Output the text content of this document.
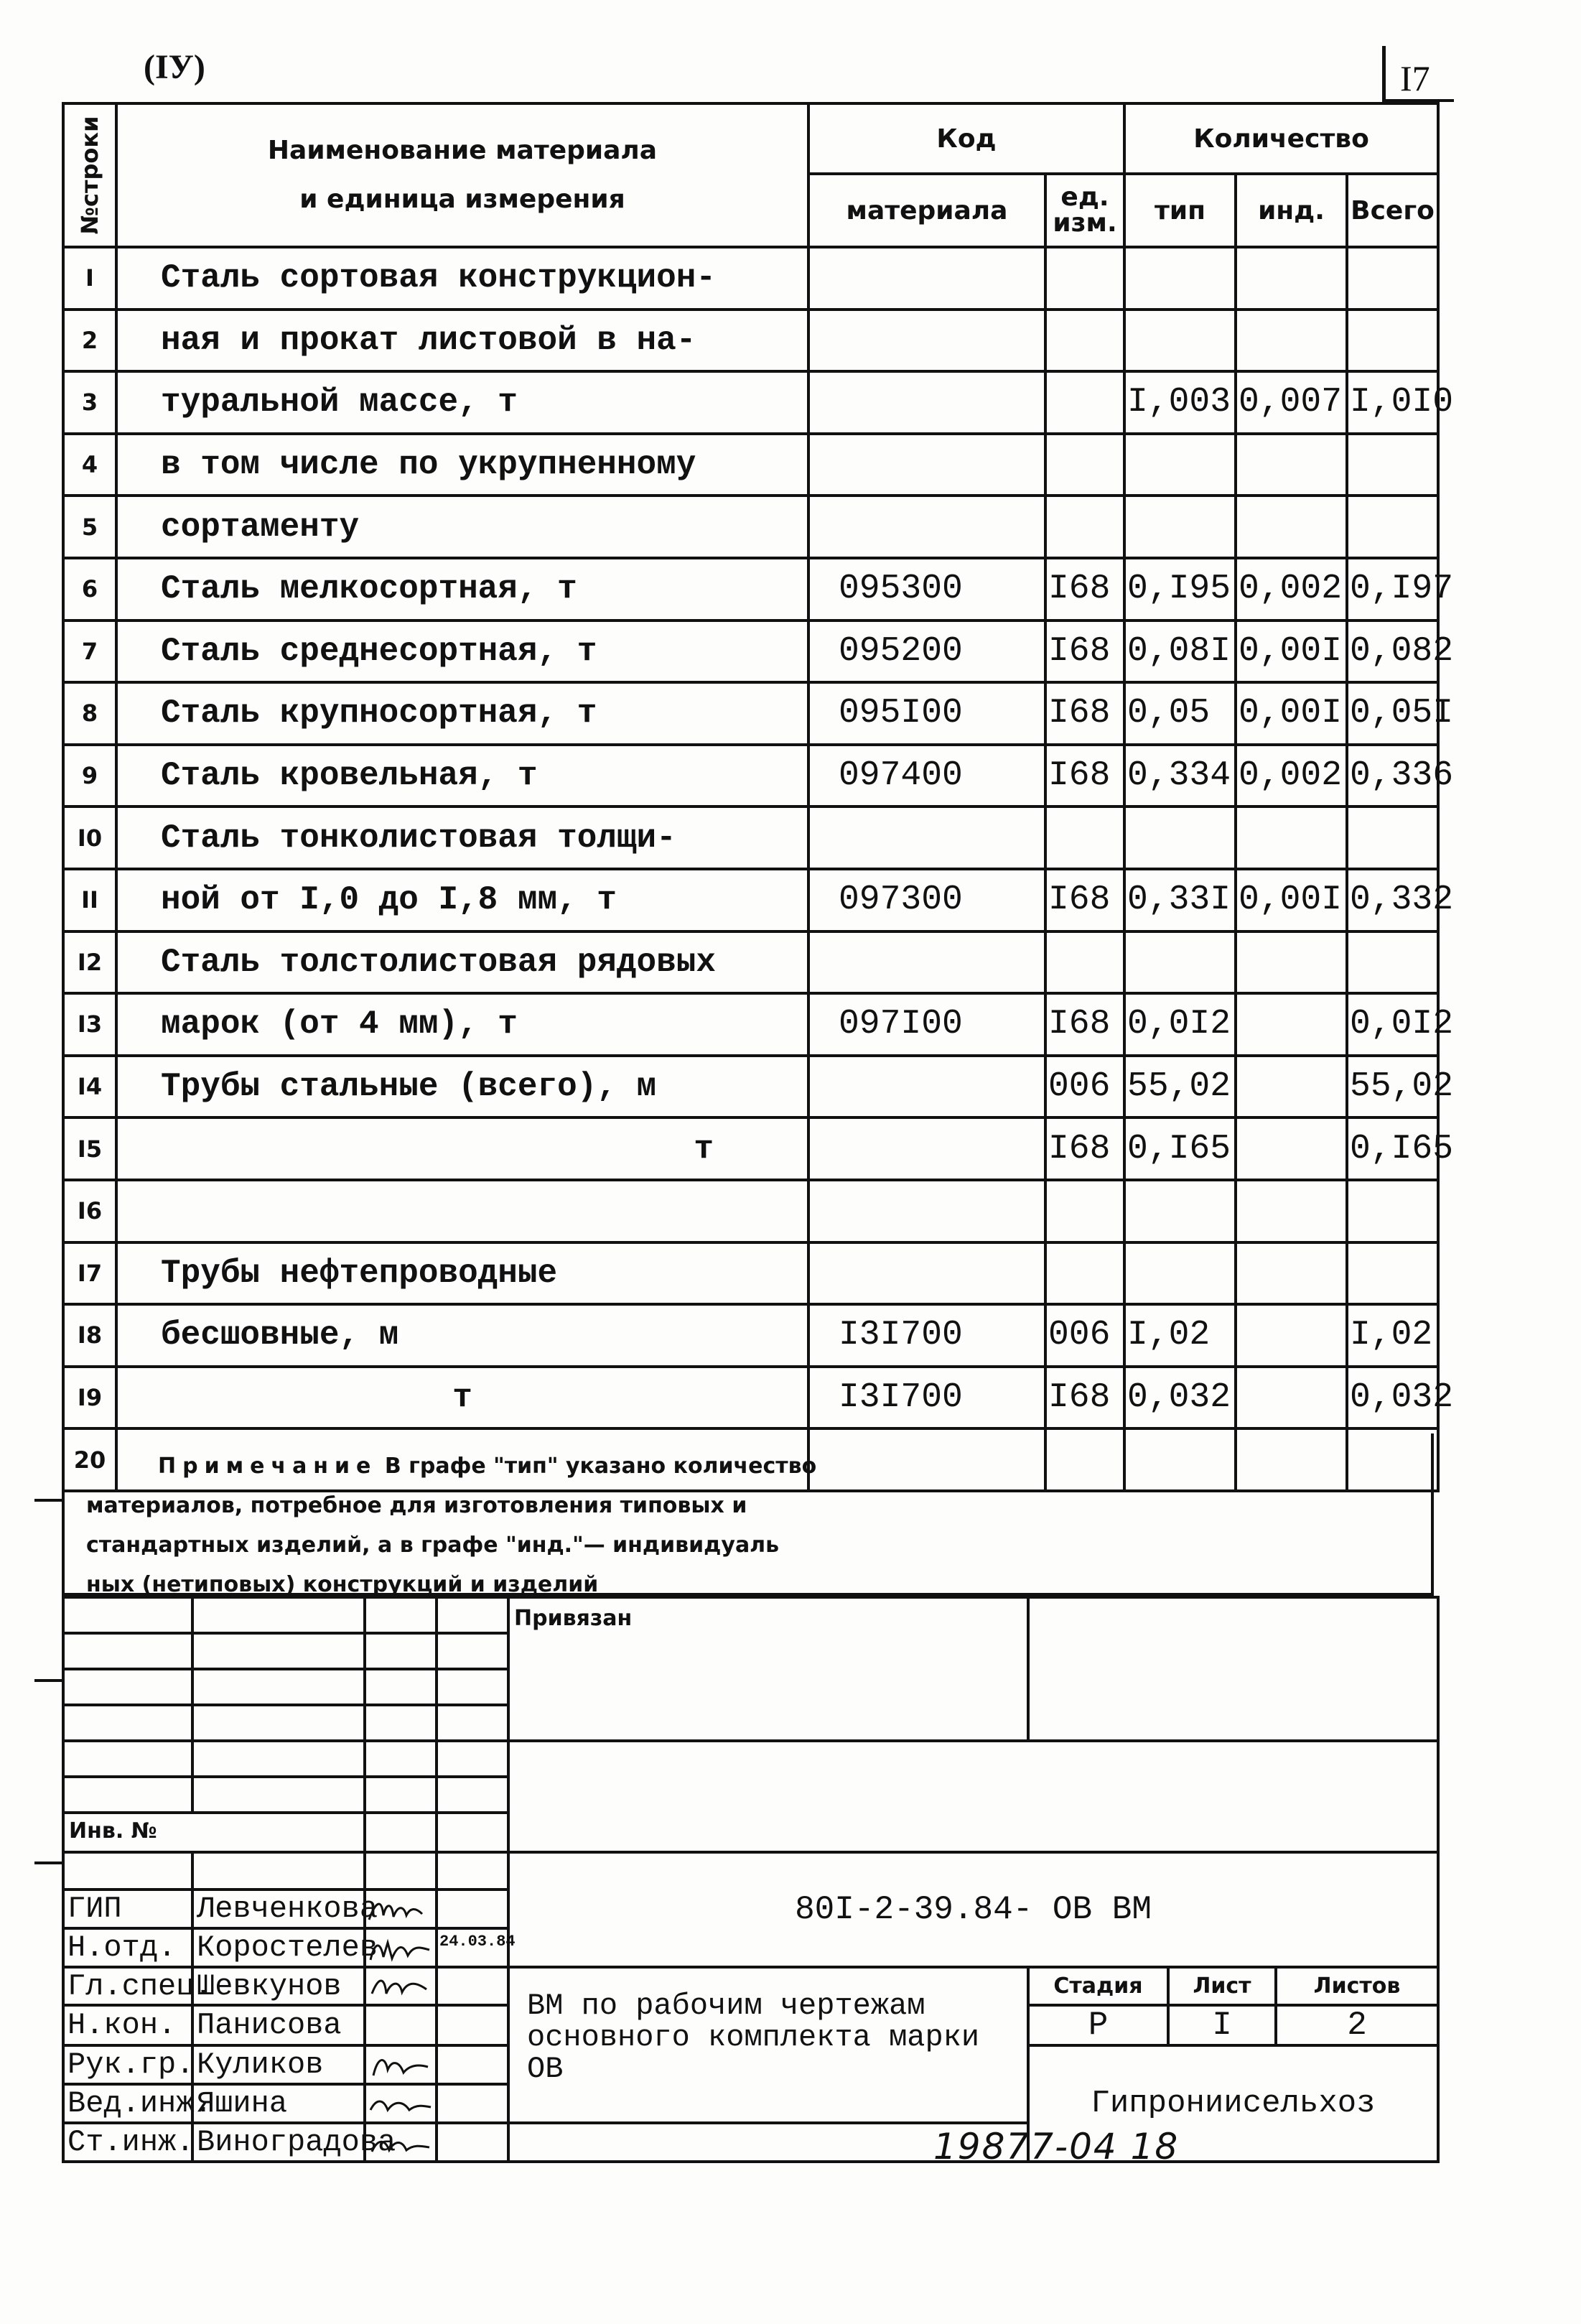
(IУ)	I7
№строки	Наименование материала
и единица измерения	Код		Количество		
		материала	ед. изм.	тип	инд.	Всего
I	Сталь сортовая конструкцион-					
2	ная и прокат листовой в на-					
3	туральной массе, т			I,003	0,007	I,0I0
4	в том числе по укрупненному					
5	сортаменту					
6	Сталь мелкосортная, т	095300	I68	0,I95	0,002	0,I97
7	Сталь среднесортная, т	095200	I68	0,08I	0,00I	0,082
8	Сталь крупносортная, т	095I00	I68	0,05	0,00I	0,05I
9	Сталь кровельная, т	097400	I68	0,334	0,002	0,336
I0	Сталь тонколистовая толщи-					
II	ной от I,0 до I,8 мм, т	097300	I68	0,33I	0,00I	0,332
I2	Сталь толстолистовая рядовых					
I3	марок (от 4 мм), т	097I00	I68	0,0I2		0,0I2
I4	Трубы стальные (всего), м		006	55,02		55,02
I5	т		I68	0,I65		0,I65
I6						
I7	Трубы нефтепроводные					
I8	бесшовные, м	I3I700	006	I,02		I,02
I9	т	I3I700	I68	0,032		0,032
20							Примечание В графе "тип" указано количество
материалов, потребное для изготовления типовых и
стандартных изделий, а в графе "инд."— индивидуаль
ных (нетиповых) конструкций и изделий
				Привязан				

Инв. №								
				80I-2-39.84- ОВ ВМ				
ГИП	Левченкова		
Н.отд.	Коростелев		24.03.84					
Гл.спец.	Шевкунов			ВМ по рабочим чертежам основного комплекта марки ОВ	Стадия	Лист	Листов	
Н.кон.	Панисова				Р	I	2	
Рук.гр.	Куликов				Гипрониисельхоз			
Вед.инж.	Яшина			
Ст.инж.	Виноградова				19877-04 18
